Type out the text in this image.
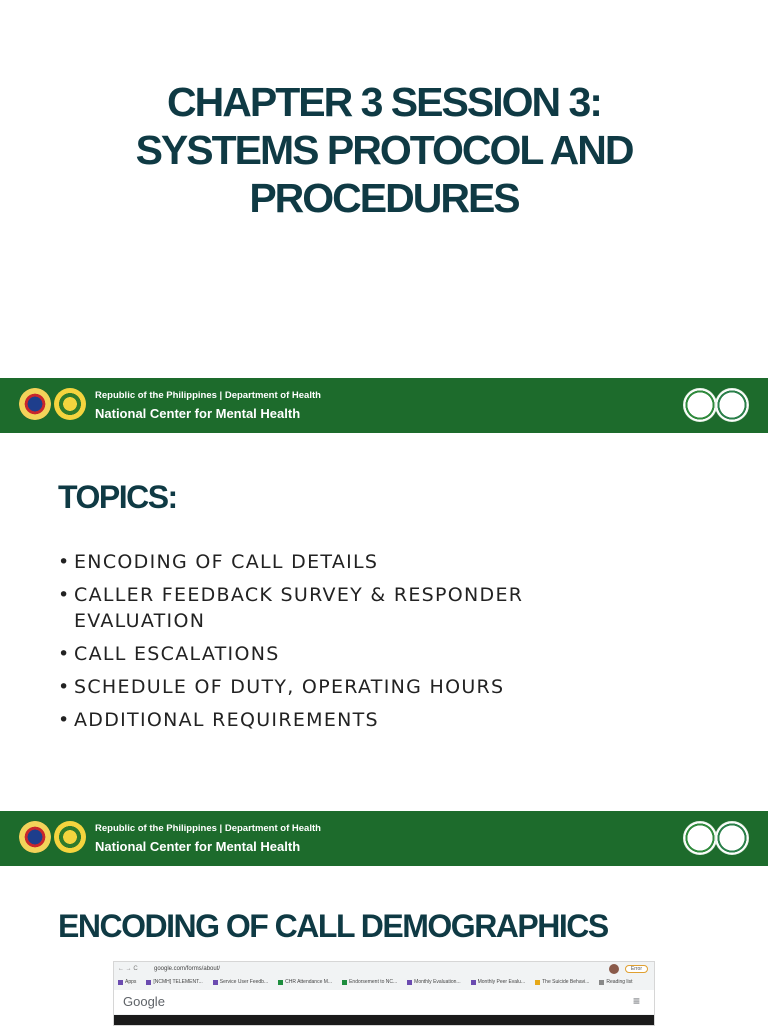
CHAPTER 3 SESSION 3:
SYSTEMS PROTOCOL AND
PROCEDURES
Republic of the Philippines | Department of Health
National Center for Mental Health
TOPICS:
• ENCODING OF CALL DETAILS
• CALLER FEEDBACK SURVEY & RESPONDER EVALUATION
• CALL ESCALATIONS
• SCHEDULE OF DUTY, OPERATING HOURS
• ADDITIONAL REQUIREMENTS
Republic of the Philippines | Department of Health
National Center for Mental Health
ENCODING OF CALL DEMOGRAPHICS
← → C	google.com/forms/about/	Error
Apps	[NCMH] TELEMENT...	Service User Feedb...	CHR Attendance M...	Endorsement to NC...	Monthly Evaluation...	Monthly Peer Evalu...	The Suicide Behavi...	Reading list
Google	≡
